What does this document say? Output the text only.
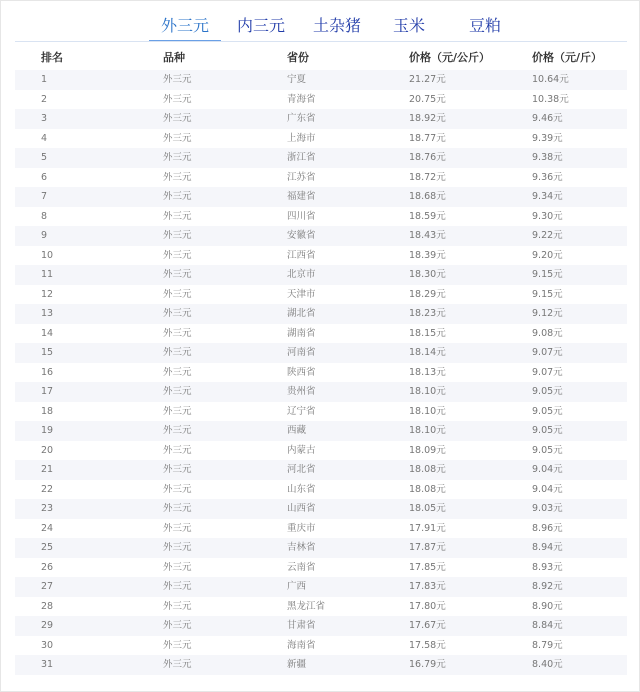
外三元	内三元	土杂猪	玉米	豆粕
排名	品种	省份	价格（元/公斤）	价格（元/斤）
1	外三元	宁夏	21.27元	10.64元
2	外三元	青海省	20.75元	10.38元
3	外三元	广东省	18.92元	9.46元
4	外三元	上海市	18.77元	9.39元
5	外三元	浙江省	18.76元	9.38元
6	外三元	江苏省	18.72元	9.36元
7	外三元	福建省	18.68元	9.34元
8	外三元	四川省	18.59元	9.30元
9	外三元	安徽省	18.43元	9.22元
10	外三元	江西省	18.39元	9.20元
11	外三元	北京市	18.30元	9.15元
12	外三元	天津市	18.29元	9.15元
13	外三元	湖北省	18.23元	9.12元
14	外三元	湖南省	18.15元	9.08元
15	外三元	河南省	18.14元	9.07元
16	外三元	陕西省	18.13元	9.07元
17	外三元	贵州省	18.10元	9.05元
18	外三元	辽宁省	18.10元	9.05元
19	外三元	西藏	18.10元	9.05元
20	外三元	内蒙古	18.09元	9.05元
21	外三元	河北省	18.08元	9.04元
22	外三元	山东省	18.08元	9.04元
23	外三元	山西省	18.05元	9.03元
24	外三元	重庆市	17.91元	8.96元
25	外三元	吉林省	17.87元	8.94元
26	外三元	云南省	17.85元	8.93元
27	外三元	广西	17.83元	8.92元
28	外三元	黑龙江省	17.80元	8.90元
29	外三元	甘肃省	17.67元	8.84元
30	外三元	海南省	17.58元	8.79元
31	外三元	新疆	16.79元	8.40元
